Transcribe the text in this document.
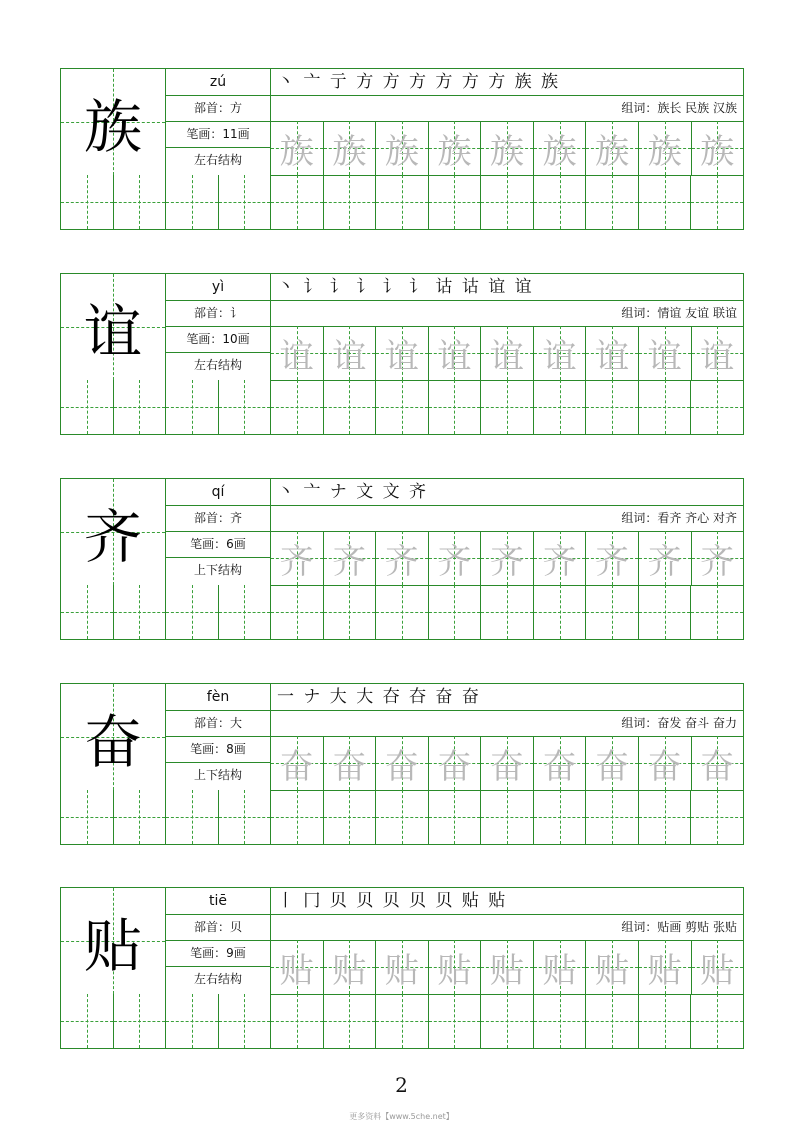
族
zú
部首：方
笔画：11画
左右结构
丶 亠 亍 方 方 方 方 方 方 族 族
组词：族长 民族 汉族
族 族 族 族 族 族 族 族 族
谊
yì
部首：讠
笔画：10画
左右结构
丶 讠 讠 讠 讠 讠 诂 诂 谊 谊
组词：情谊 友谊 联谊
谊 谊 谊 谊 谊 谊 谊 谊 谊
齐
qí
部首：齐
笔画：6画
上下结构
丶 亠 ナ 文 文 齐
组词：看齐 齐心 对齐
齐 齐 齐 齐 齐 齐 齐 齐 齐
奋
fèn
部首：大
笔画：8画
上下结构
一 ナ 大 大 夻 夻 奋 奋
组词：奋发 奋斗 奋力
奋 奋 奋 奋 奋 奋 奋 奋 奋
贴
tiē
部首：贝
笔画：9画
左右结构
丨 冂 贝 贝 贝 贝 贝 贴 贴
组词：贴画 剪贴 张贴
贴 贴 贴 贴 贴 贴 贴 贴 贴
2
更多资料【www.5che.net】
